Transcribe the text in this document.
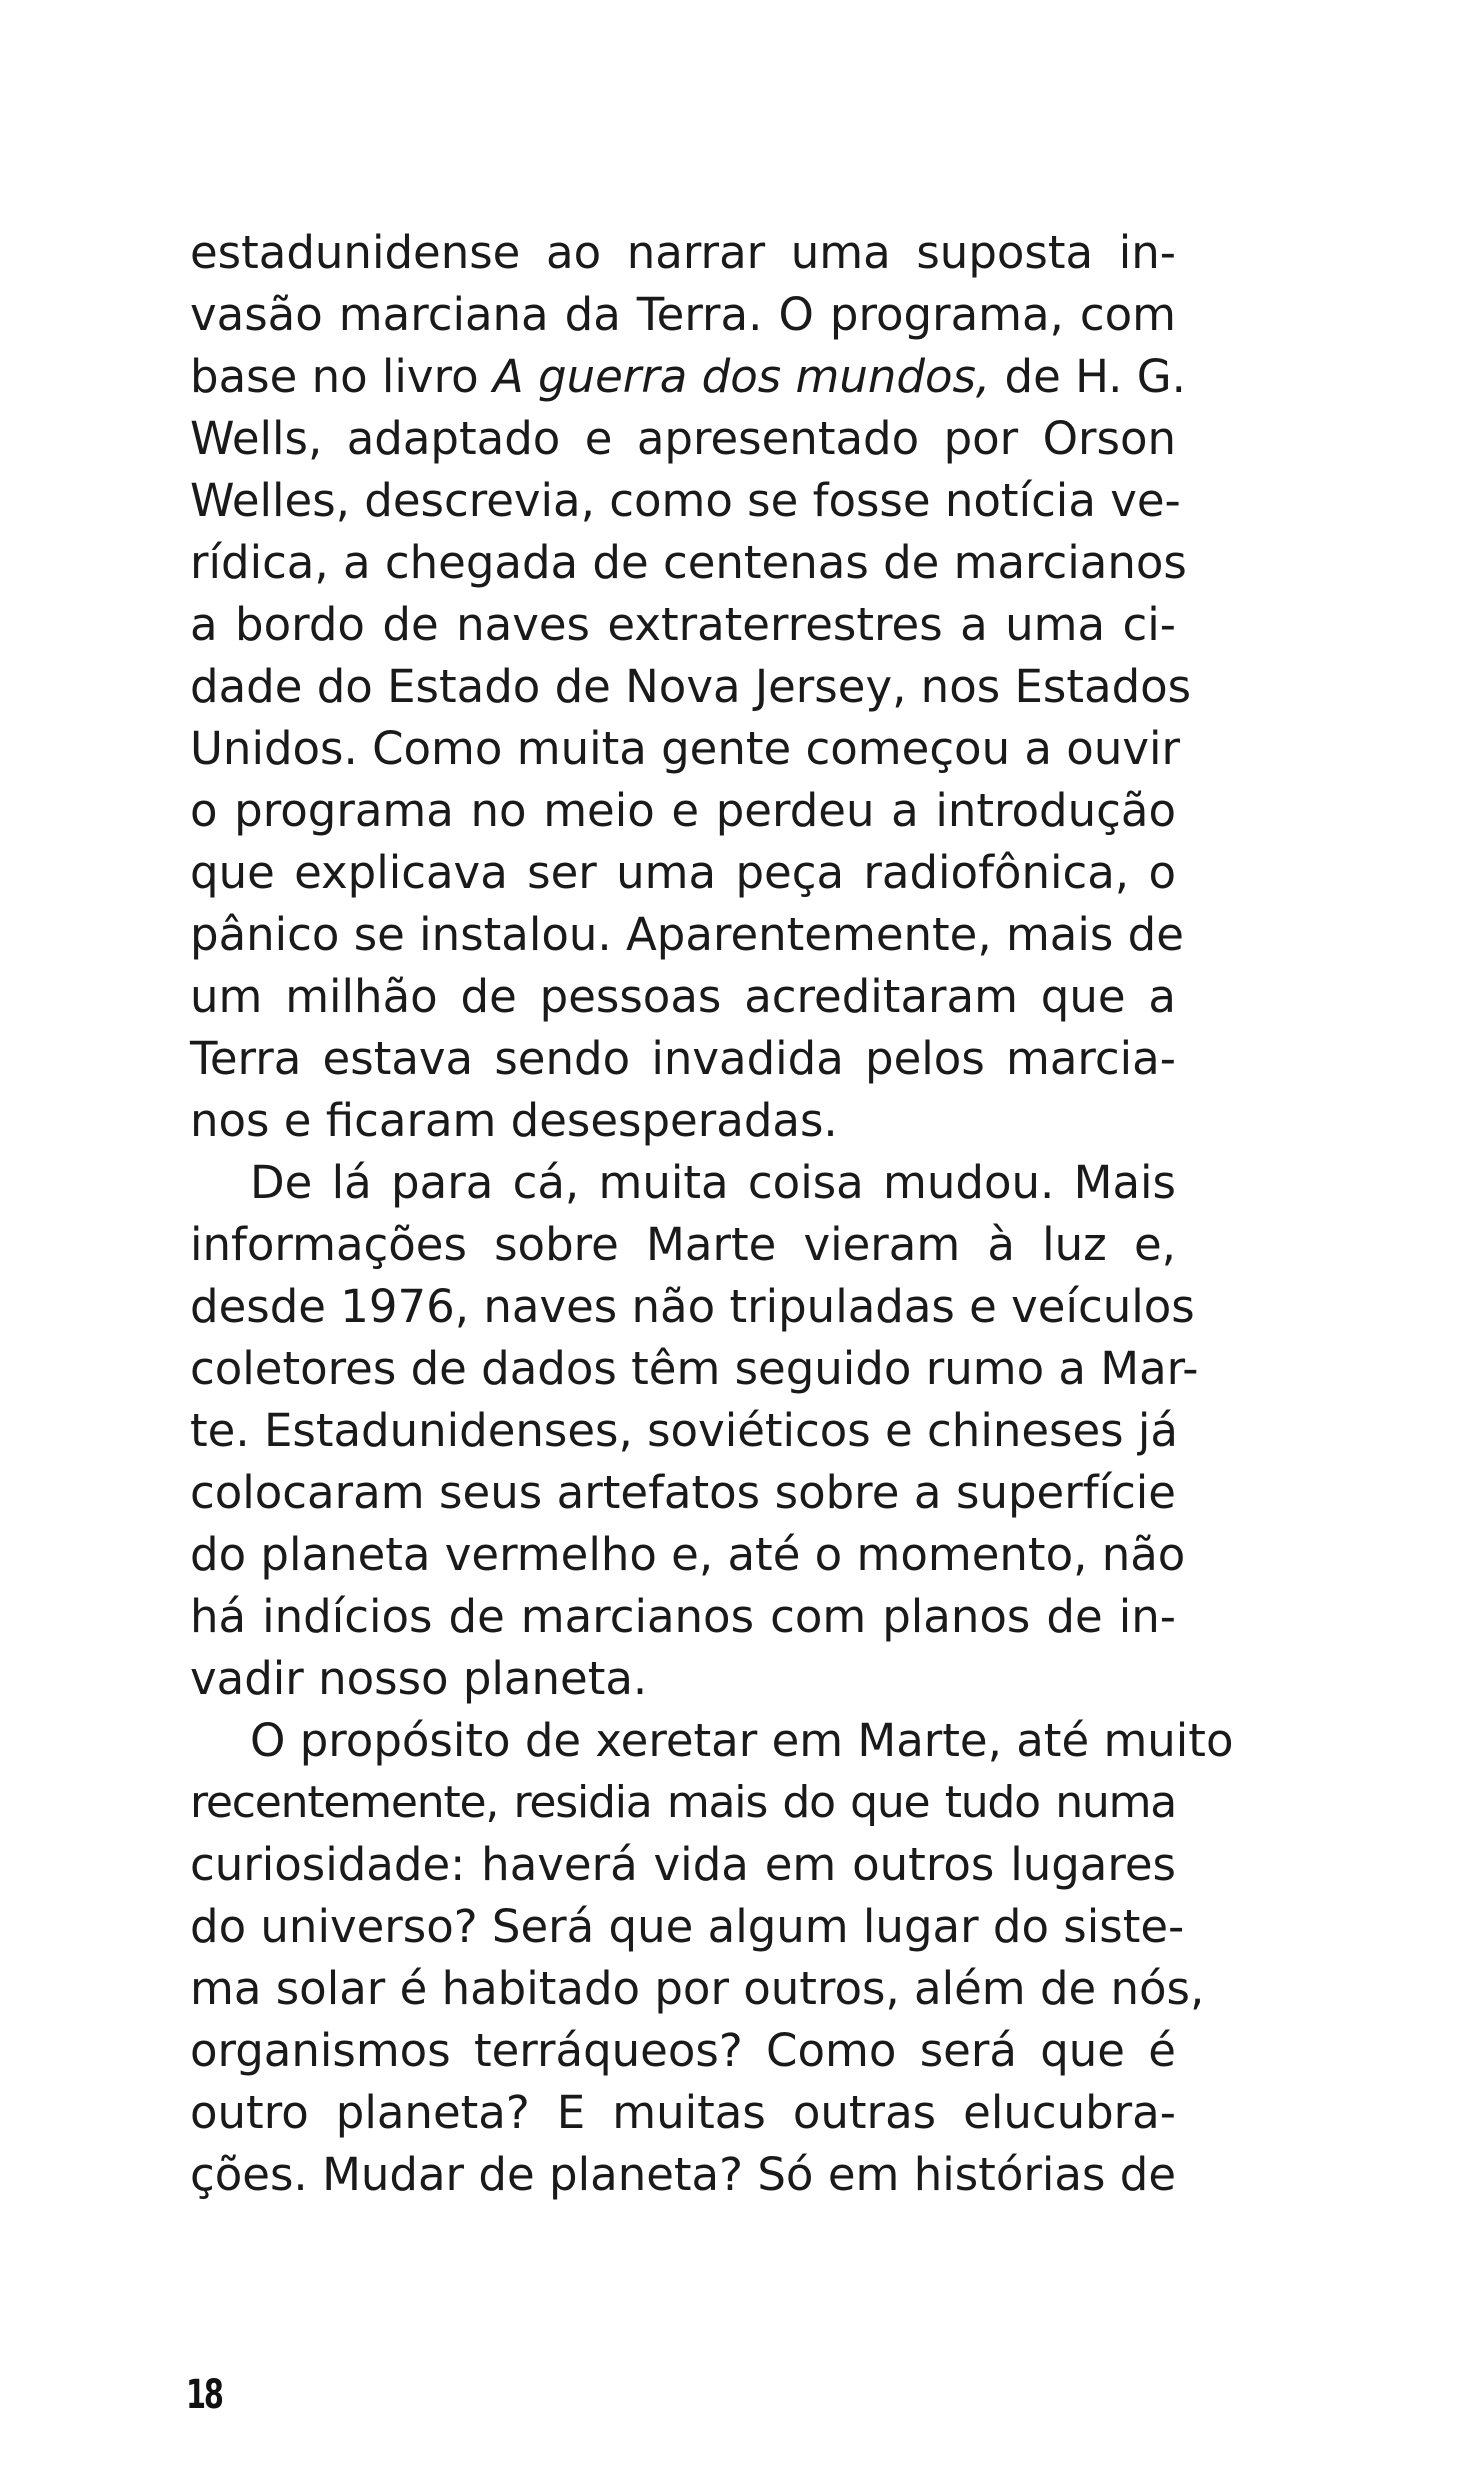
estadunidense ao narrar uma suposta in-
vasão marciana da Terra. O programa, com
base no livro A guerra dos mundos, de H. G.
Wells, adaptado e apresentado por Orson
Welles, descrevia, como se fosse notícia ve-
rídica, a chegada de centenas de marcianos
a bordo de naves extraterrestres a uma ci-
dade do Estado de Nova Jersey, nos Estados
Unidos. Como muita gente começou a ouvir
o programa no meio e perdeu a introdução
que explicava ser uma peça radiofônica, o
pânico se instalou. Aparentemente, mais de
um milhão de pessoas acreditaram que a
Terra estava sendo invadida pelos marcia-
nos e ficaram desesperadas.
De lá para cá, muita coisa mudou. Mais
informações sobre Marte vieram à luz e,
desde 1976, naves não tripuladas e veículos
coletores de dados têm seguido rumo a Mar-
te. Estadunidenses, soviéticos e chineses já
colocaram seus artefatos sobre a superfície
do planeta vermelho e, até o momento, não
há indícios de marcianos com planos de in-
vadir nosso planeta.
O propósito de xeretar em Marte, até muito
recentemente, residia mais do que tudo numa
curiosidade: haverá vida em outros lugares
do universo? Será que algum lugar do siste-
ma solar é habitado por outros, além de nós,
organismos terráqueos? Como será que é
outro planeta? E muitas outras elucubra-
ções. Mudar de planeta? Só em histórias de
18
